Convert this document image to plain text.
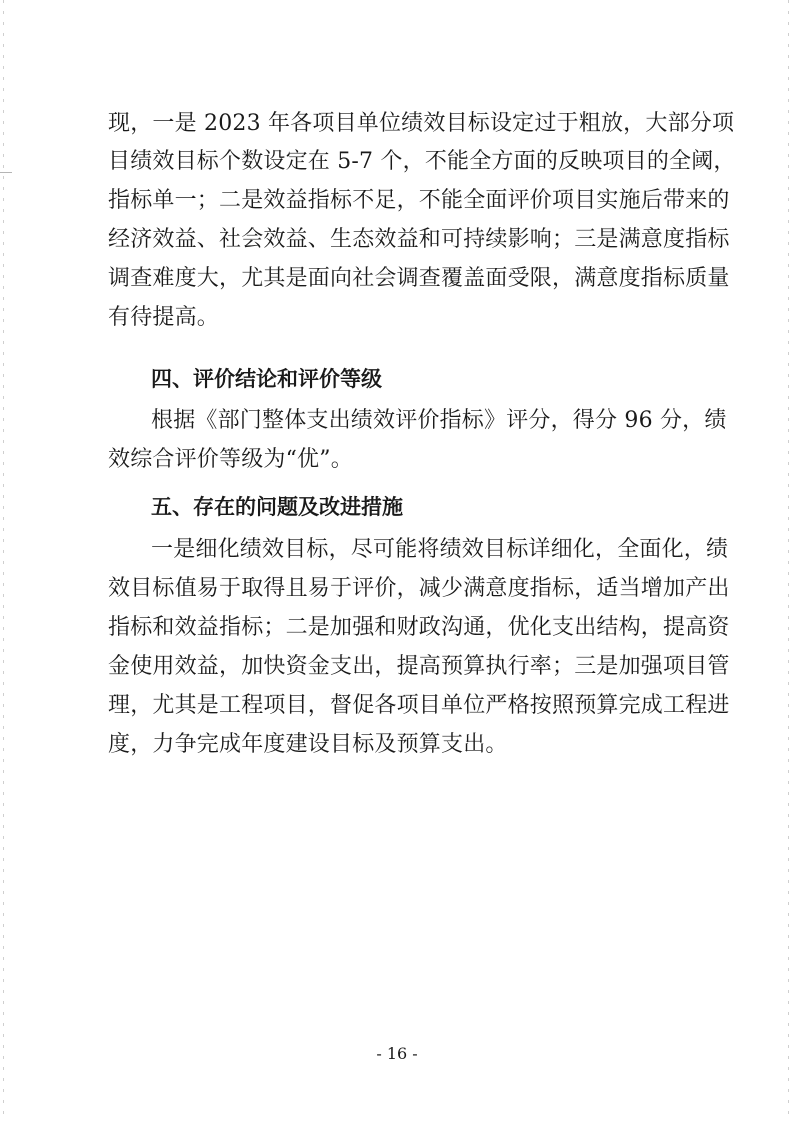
现，一是 2023 年各项目单位绩效目标设定过于粗放，大部分项
目绩效目标个数设定在 5-7 个，不能全方面的反映项目的全阈，
指标单一；二是效益指标不足，不能全面评价项目实施后带来的
经济效益、社会效益、生态效益和可持续影响；三是满意度指标
调查难度大，尤其是面向社会调查覆盖面受限，满意度指标质量
有待提高。
四、评价结论和评价等级
根据《部门整体支出绩效评价指标》评分，得分 96 分，绩
效综合评价等级为“优”。
五、存在的问题及改进措施
一是细化绩效目标，尽可能将绩效目标详细化，全面化，绩
效目标值易于取得且易于评价，减少满意度指标，适当增加产出
指标和效益指标；二是加强和财政沟通，优化支出结构，提高资
金使用效益，加快资金支出，提高预算执行率；三是加强项目管
理，尤其是工程项目，督促各项目单位严格按照预算完成工程进
度，力争完成年度建设目标及预算支出。
- 16 -
